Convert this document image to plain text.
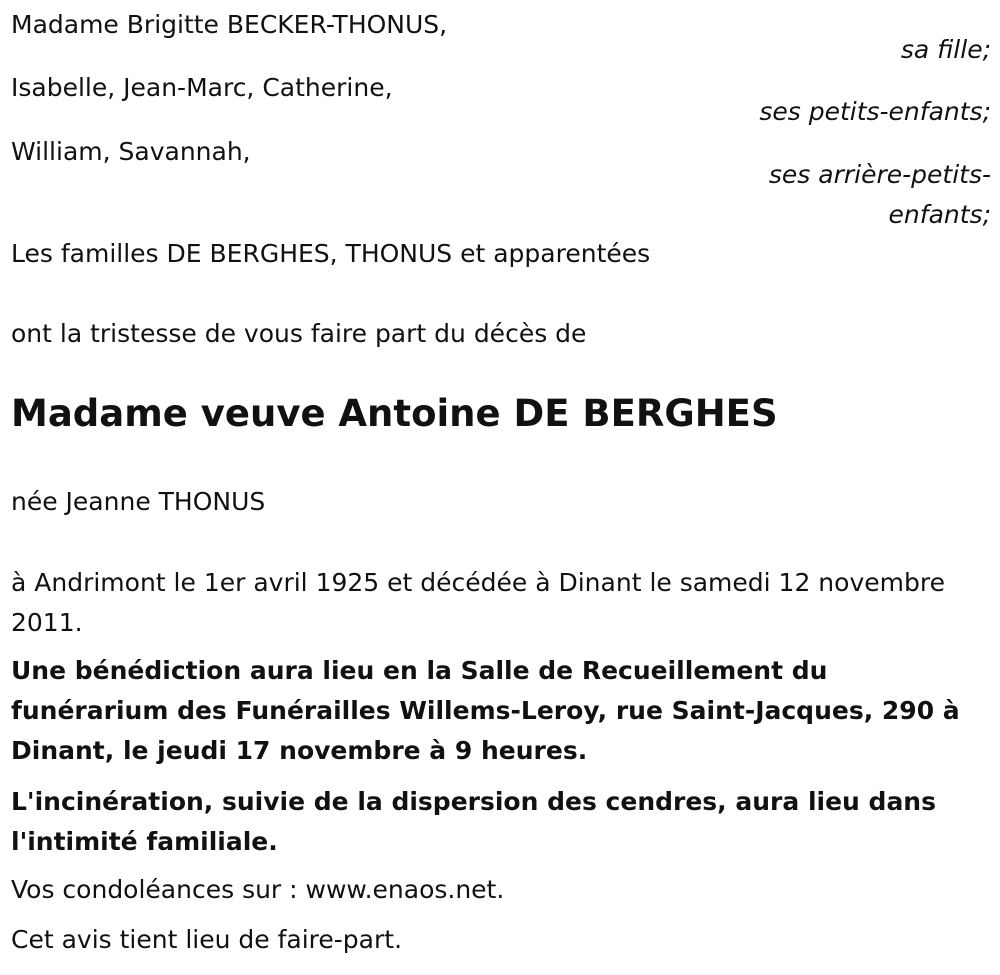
Madame Brigitte BECKER-THONUS,
sa fille;
Isabelle, Jean-Marc, Catherine,
ses petits-enfants;
William, Savannah,
ses arrière-petits-
enfants;
Les familles DE BERGHES, THONUS et apparentées
ont la tristesse de vous faire part du décès de
Madame veuve Antoine DE BERGHES
née Jeanne THONUS
à Andrimont le 1er avril 1925 et décédée à Dinant le samedi 12 novembre 2011.
Une bénédiction aura lieu en la Salle de Recueillement du funérarium des Funérailles Willems-Leroy, rue Saint-Jacques, 290 à Dinant, le jeudi 17 novembre à 9 heures.
L'incinération, suivie de la dispersion des cendres, aura lieu dans l'intimité familiale.
Vos condoléances sur : www.enaos.net.
Cet avis tient lieu de faire-part.
